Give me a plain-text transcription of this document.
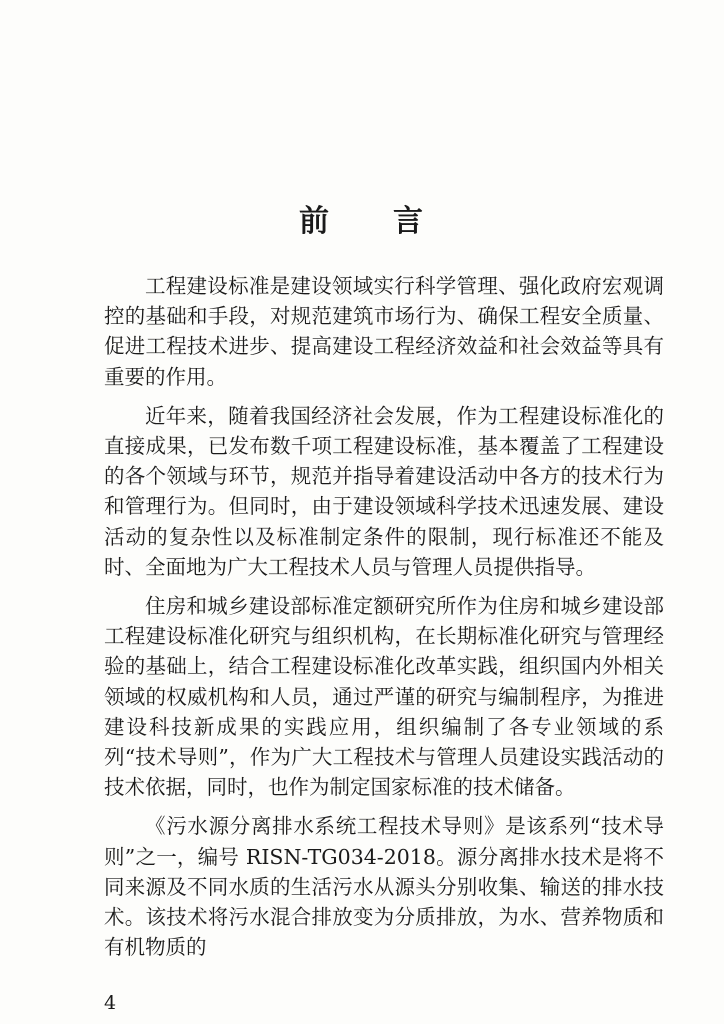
前 言

工程建设标准是建设领域实行科学管理、强化政府宏观调控的基础和手段，对规范建筑市场行为、确保工程安全质量、促进工程技术进步、提高建设工程经济效益和社会效益等具有重要的作用。

近年来，随着我国经济社会发展，作为工程建设标准化的直接成果，已发布数千项工程建设标准，基本覆盖了工程建设的各个领域与环节，规范并指导着建设活动中各方的技术行为和管理行为。但同时，由于建设领域科学技术迅速发展、建设活动的复杂性以及标准制定条件的限制，现行标准还不能及时、全面地为广大工程技术人员与管理人员提供指导。

住房和城乡建设部标准定额研究所作为住房和城乡建设部工程建设标准化研究与组织机构，在长期标准化研究与管理经验的基础上，结合工程建设标准化改革实践，组织国内外相关领域的权威机构和人员，通过严谨的研究与编制程序，为推进建设科技新成果的实践应用，组织编制了各专业领域的系列“技术导则”，作为广大工程技术与管理人员建设实践活动的技术依据，同时，也作为制定国家标准的技术储备。

《污水源分离排水系统工程技术导则》是该系列“技术导则”之一，编号 RISN-TG034-2018。源分离排水技术是将不同来源及不同水质的生活污水从源头分别收集、输送的排水技术。该技术将污水混合排放变为分质排放，为水、营养物质和有机物质的

4
